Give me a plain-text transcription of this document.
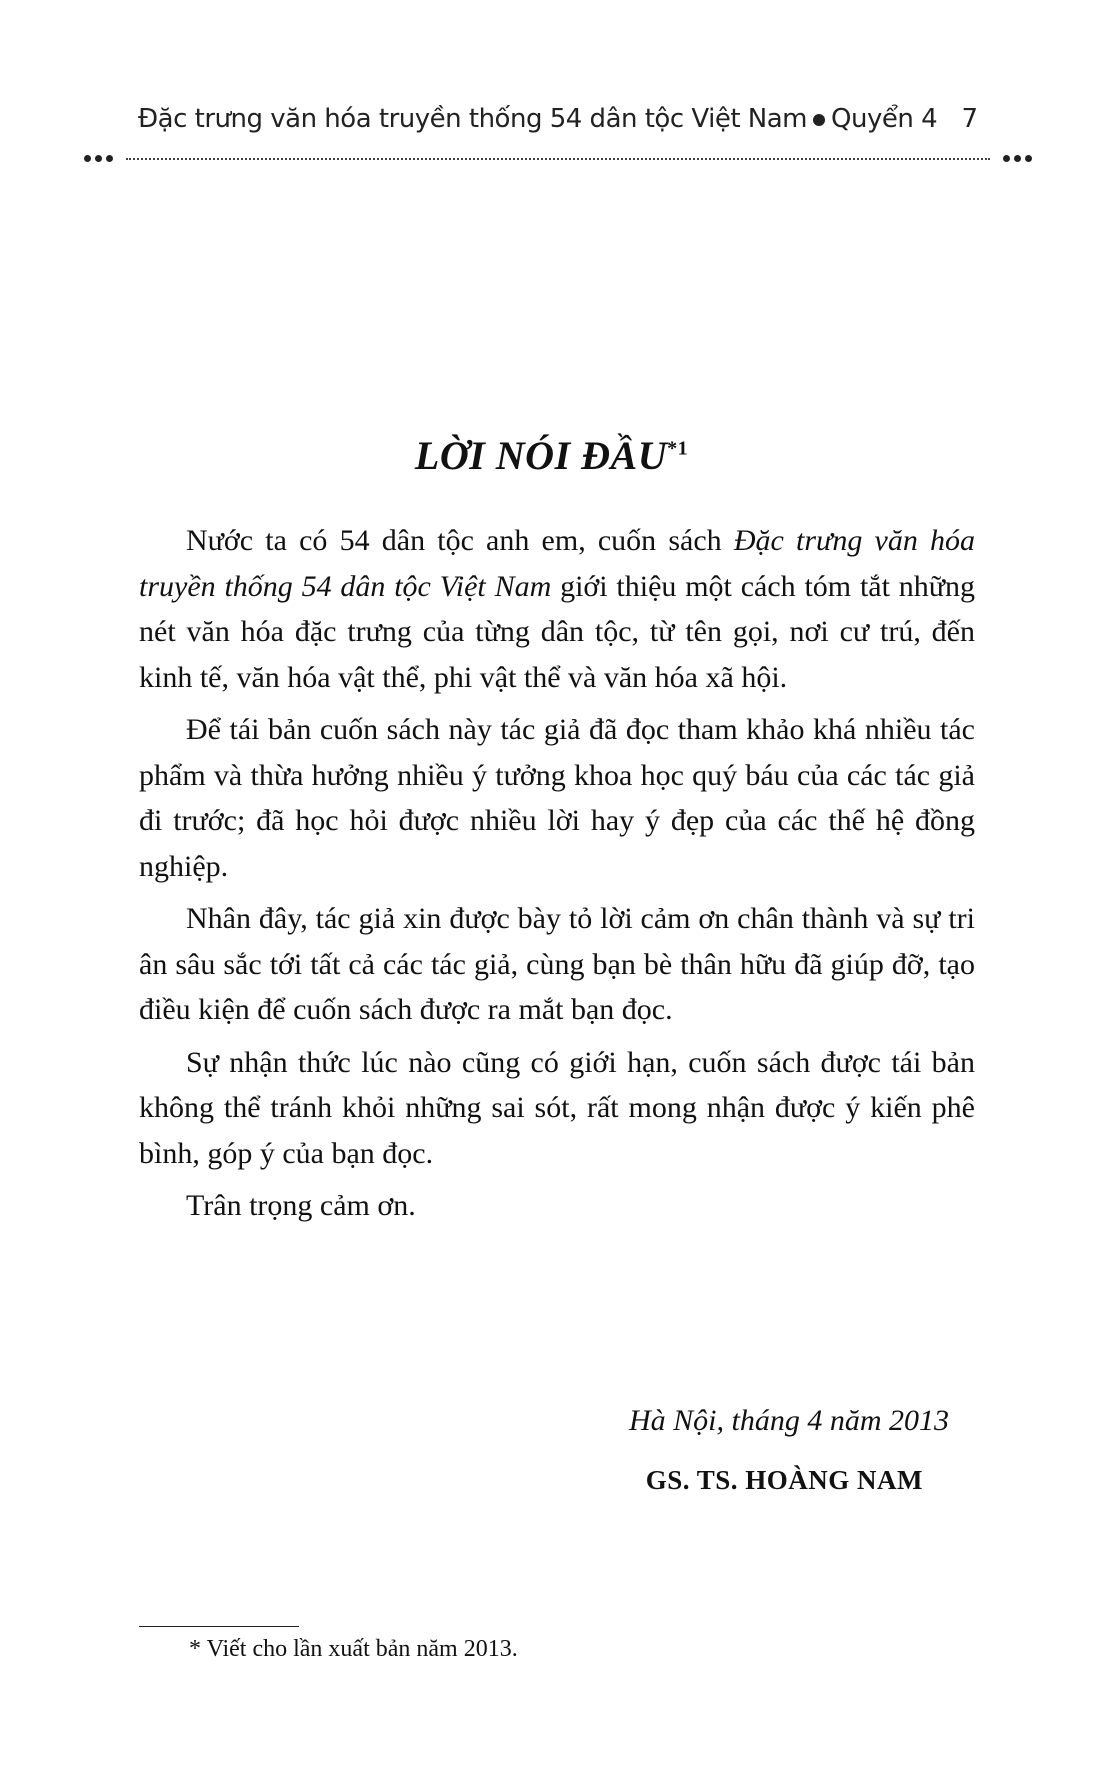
Đặc trưng văn hóa truyền thống 54 dân tộc Việt Nam Quyển 4 7
LỜI NÓI ĐẦU$^{*1}$

Nước ta có 54 dân tộc anh em, cuốn sách Đặc trưng văn hóa truyền thống 54 dân tộc Việt Nam giới thiệu một cách tóm tắt những nét văn hóa đặc trưng của từng dân tộc, từ tên gọi, nơi cư trú, đến kinh tế, văn hóa vật thể, phi vật thể và văn hóa xã hội.

Để tái bản cuốn sách này tác giả đã đọc tham khảo khá nhiều tác phẩm và thừa hưởng nhiều ý tưởng khoa học quý báu của các tác giả đi trước; đã học hỏi được nhiều lời hay ý đẹp của các thế hệ đồng nghiệp.

Nhân đây, tác giả xin được bày tỏ lời cảm ơn chân thành và sự tri ân sâu sắc tới tất cả các tác giả, cùng bạn bè thân hữu đã giúp đỡ, tạo điều kiện để cuốn sách được ra mắt bạn đọc.

Sự nhận thức lúc nào cũng có giới hạn, cuốn sách được tái bản không thể tránh khỏi những sai sót, rất mong nhận được ý kiến phê bình, góp ý của bạn đọc.

Trân trọng cảm ơn.

Hà Nội, tháng 4 năm 2013
GS. TS. HOÀNG NAM
* Viết cho lần xuất bản năm 2013.
